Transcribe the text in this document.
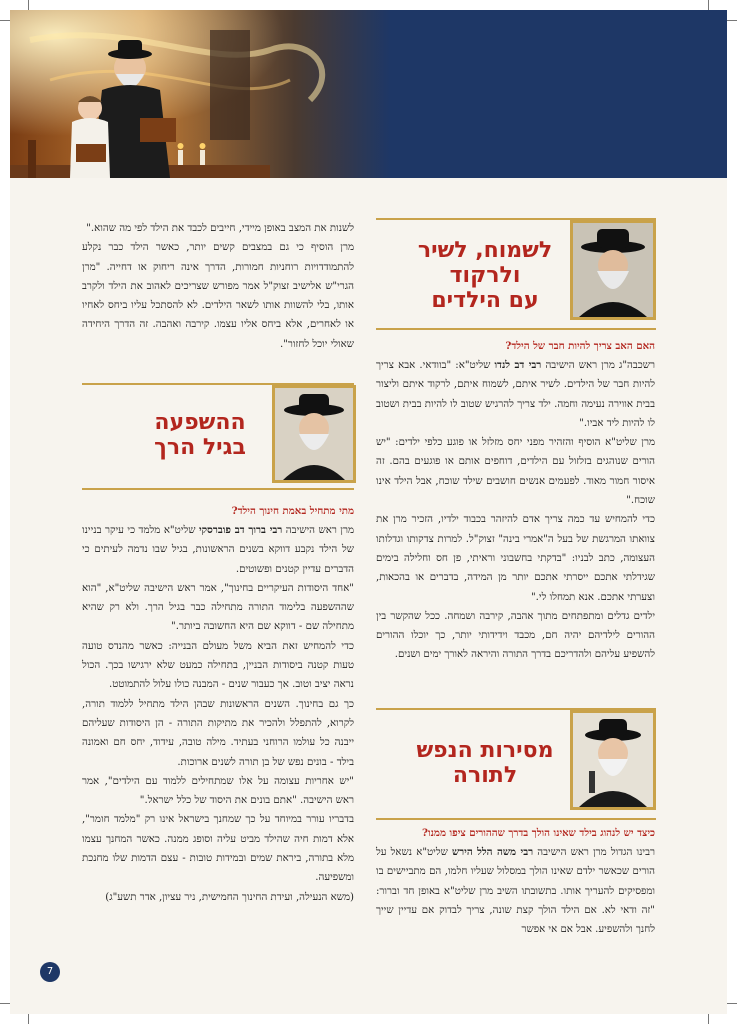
לשנות את המצב באופן מיידי, חייבים לכבד את הילד לפי מה שהוא."

מרן הוסיף כי גם במצבים קשים יותר, כאשר הילד כבר נקלע להתמודדויות רוחניות חמורות, הדרך אינה ריחוק או דחייה. "מרן הגרי"ש אלישיב זצוק"ל אמר מפורש שצריכים לאהוב את הילד ולקרב אותו, בלי להשוות אותו לשאר הילדים. לא להסתכל עליו ביחס לאחיו או לאחרים, אלא ביחס אליו עצמו. קירבה ואהבה. זה הדרך היחידה שאולי יוכל לחזור".

ההשפעה
בגיל הרך

מתי מתחיל באמת חינוך הילד?

מרן ראש הישיבה רבי ברוך דב פוברסקי שליט"א מלמד כי עיקר בניינו של הילד נקבע דווקא בשנים הראשונות, בגיל שבו נדמה לעיתים כי הדברים עדיין קטנים ופשוטים.

"אחד היסודות העיקריים בחינוך", אמר ראש הישיבה שליט"א, "הוא שההשפעה בלימוד התורה מתחילה כבר בגיל הרך. ולא רק שהיא מתחילה שם - דווקא שם היא החשובה ביותר."

כדי להמחיש זאת הביא משל מעולם הבנייה: כאשר מהנדס טועה טעות קטנה ביסודות הבניין, בתחילה כמעט שלא ירגישו בכך. הכול נראה יציב וטוב. אך כעבור שנים - המבנה כולו עלול להתמוטט.

כך גם בחינוך. השנים הראשונות שבהן הילד מתחיל ללמוד תורה, לקרוא, להתפלל ולהכיר את מתיקות התורה - הן היסודות שעליהם ייבנה כל עולמו הרוחני בעתיד. מילה טובה, עידוד, יחס חם ואמונה בילד - בונים נפש של בן תורה לשנים ארוכות.

"יש אחריות עצומה על אלו שמתחילים ללמוד עם הילדים", אמר ראש הישיבה. "אתם בונים את היסוד של כלל ישראל."

בדבריו עורר במיוחד על כך שמחנך בישראל אינו רק "מלמד חומר", אלא דמות חיה שהילד מביט עליה וסופג ממנה. כאשר המחנך עצמו מלא בתורה, ביראת שמים ובמידות טובות - עצם הדמות שלו מחנכת ומשפיעה.

(משא הנעילה, ועידת החינוך החמישית, ניר עציון, אדר תשע"ג)

לשמוח, לשיר
ולרקוד
עם הילדים

האם האב צריך להיות חבר של הילד?

רשכבה"ג מרן ראש הישיבה רבי דב לנדו שליט"א: "בוודאי. אבא צריך להיות חבר של הילדים. לשיר איתם, לשמוח איתם, לרקוד איתם וליצור בבית אווירה נעימה וחמה. ילד צריך להרגיש שטוב לו להיות בבית ושטוב לו להיות ליד אביו."

מרן שליט"א הוסיף והזהיר מפני יחס מזלזל או פוגע כלפי ילדים: "יש הורים שנוהגים בזלזול עם הילדים, דוחפים אותם או פוגעים בהם. זה איסור חמור מאוד. לפעמים אנשים חושבים שילד שוכח, אבל הילד אינו שוכח."

כדי להמחיש עד כמה צריך אדם להיזהר בכבוד ילדיו, הזכיר מרן את צוואתו המרגשת של בעל ה"אמרי בינה" זצוק"ל. למרות צדקותו וגדלותו העצומה, כתב לבניו: "בדקתי בחשבוני וראיתי, פן חס וחלילה בימים שגידלתי אתכם ייסרתי אתכם יותר מן המידה, בדברים או בהכאות, וצערתי אתכם. אנא תמחלו לי."

ילדים גדלים ומתפתחים מתוך אהבה, קירבה ושמחה. ככל שהקשר בין ההורים לילדיהם יהיה חם, מכבד וידידותי יותר, כך יוכלו ההורים להשפיע עליהם ולהדריכם בדרך התורה והיראה לאורך ימים ושנים.

מסירות הנפש
לתורה

כיצד יש לנהוג בילד שאינו הולך בדרך שההורים ציפו ממנו?

רבינו הגדול מרן ראש הישיבה רבי משה הלל הירש שליט"א נשאל על הורים שכאשר ילדם שאינו הולך במסלול שעליו חלמו, הם מתביישים בו ומפסיקים להעריך אותו. בתשובתו השיב מרן שליט"א באופן חד וברור: "זה ודאי לא. אם הילד הולך קצת שונה, צריך לבדוק אם עדיין שייך לחנך ולהשפיע. אבל אם אי אפשר

7
